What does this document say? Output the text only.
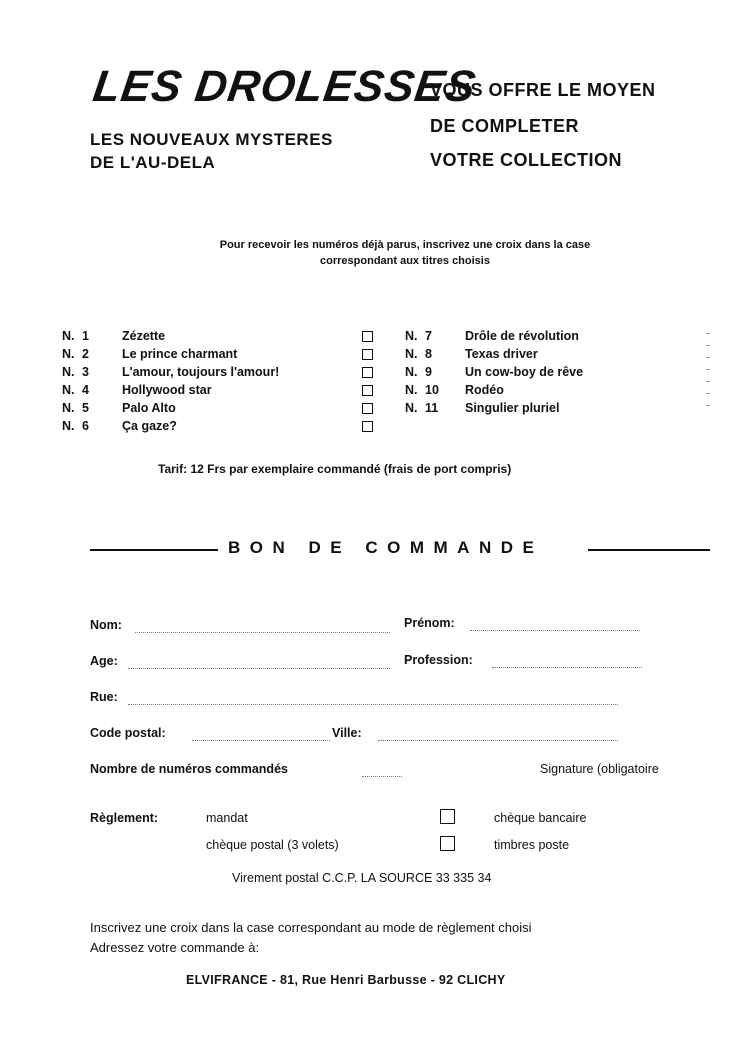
LES DROLESSES
LES NOUVEAUX MYSTERES
DE L'AU-DELA
VOUS OFFRE LE MOYEN
DE COMPLETER
VOTRE COLLECTION
Pour recevoir les numéros déjà parus, inscrivez une croix dans la case
correspondant aux titres choisis
N. 1	Zézette
N. 2	Le prince charmant
N. 3	L'amour, toujours l'amour!
N. 4	Hollywood star
N. 5	Palo Alto
N. 6	Ça gaze?
N. 7	Drôle de révolution
N. 8	Texas driver
N. 9	Un cow-boy de rêve
N. 10 Rodéo
N. 11 Singulier pluriel
Tarif: 12 Frs par exemplaire commandé (frais de port compris)
BON DE COMMANDE
Nom:	Prénom:
Age:	Profession:
Rue:
Code postal:	Ville:
Nombre de numéros commandés	Signature (obligatoire
Règlement:	mandat	chèque bancaire
chèque postal (3 volets)	timbres poste
Virement postal C.C.P. LA SOURCE 33 335 34
Inscrivez une croix dans la case correspondant au mode de règlement choisi
Adressez votre commande à:
ELVIFRANCE - 81, Rue Henri Barbusse - 92 CLICHY
